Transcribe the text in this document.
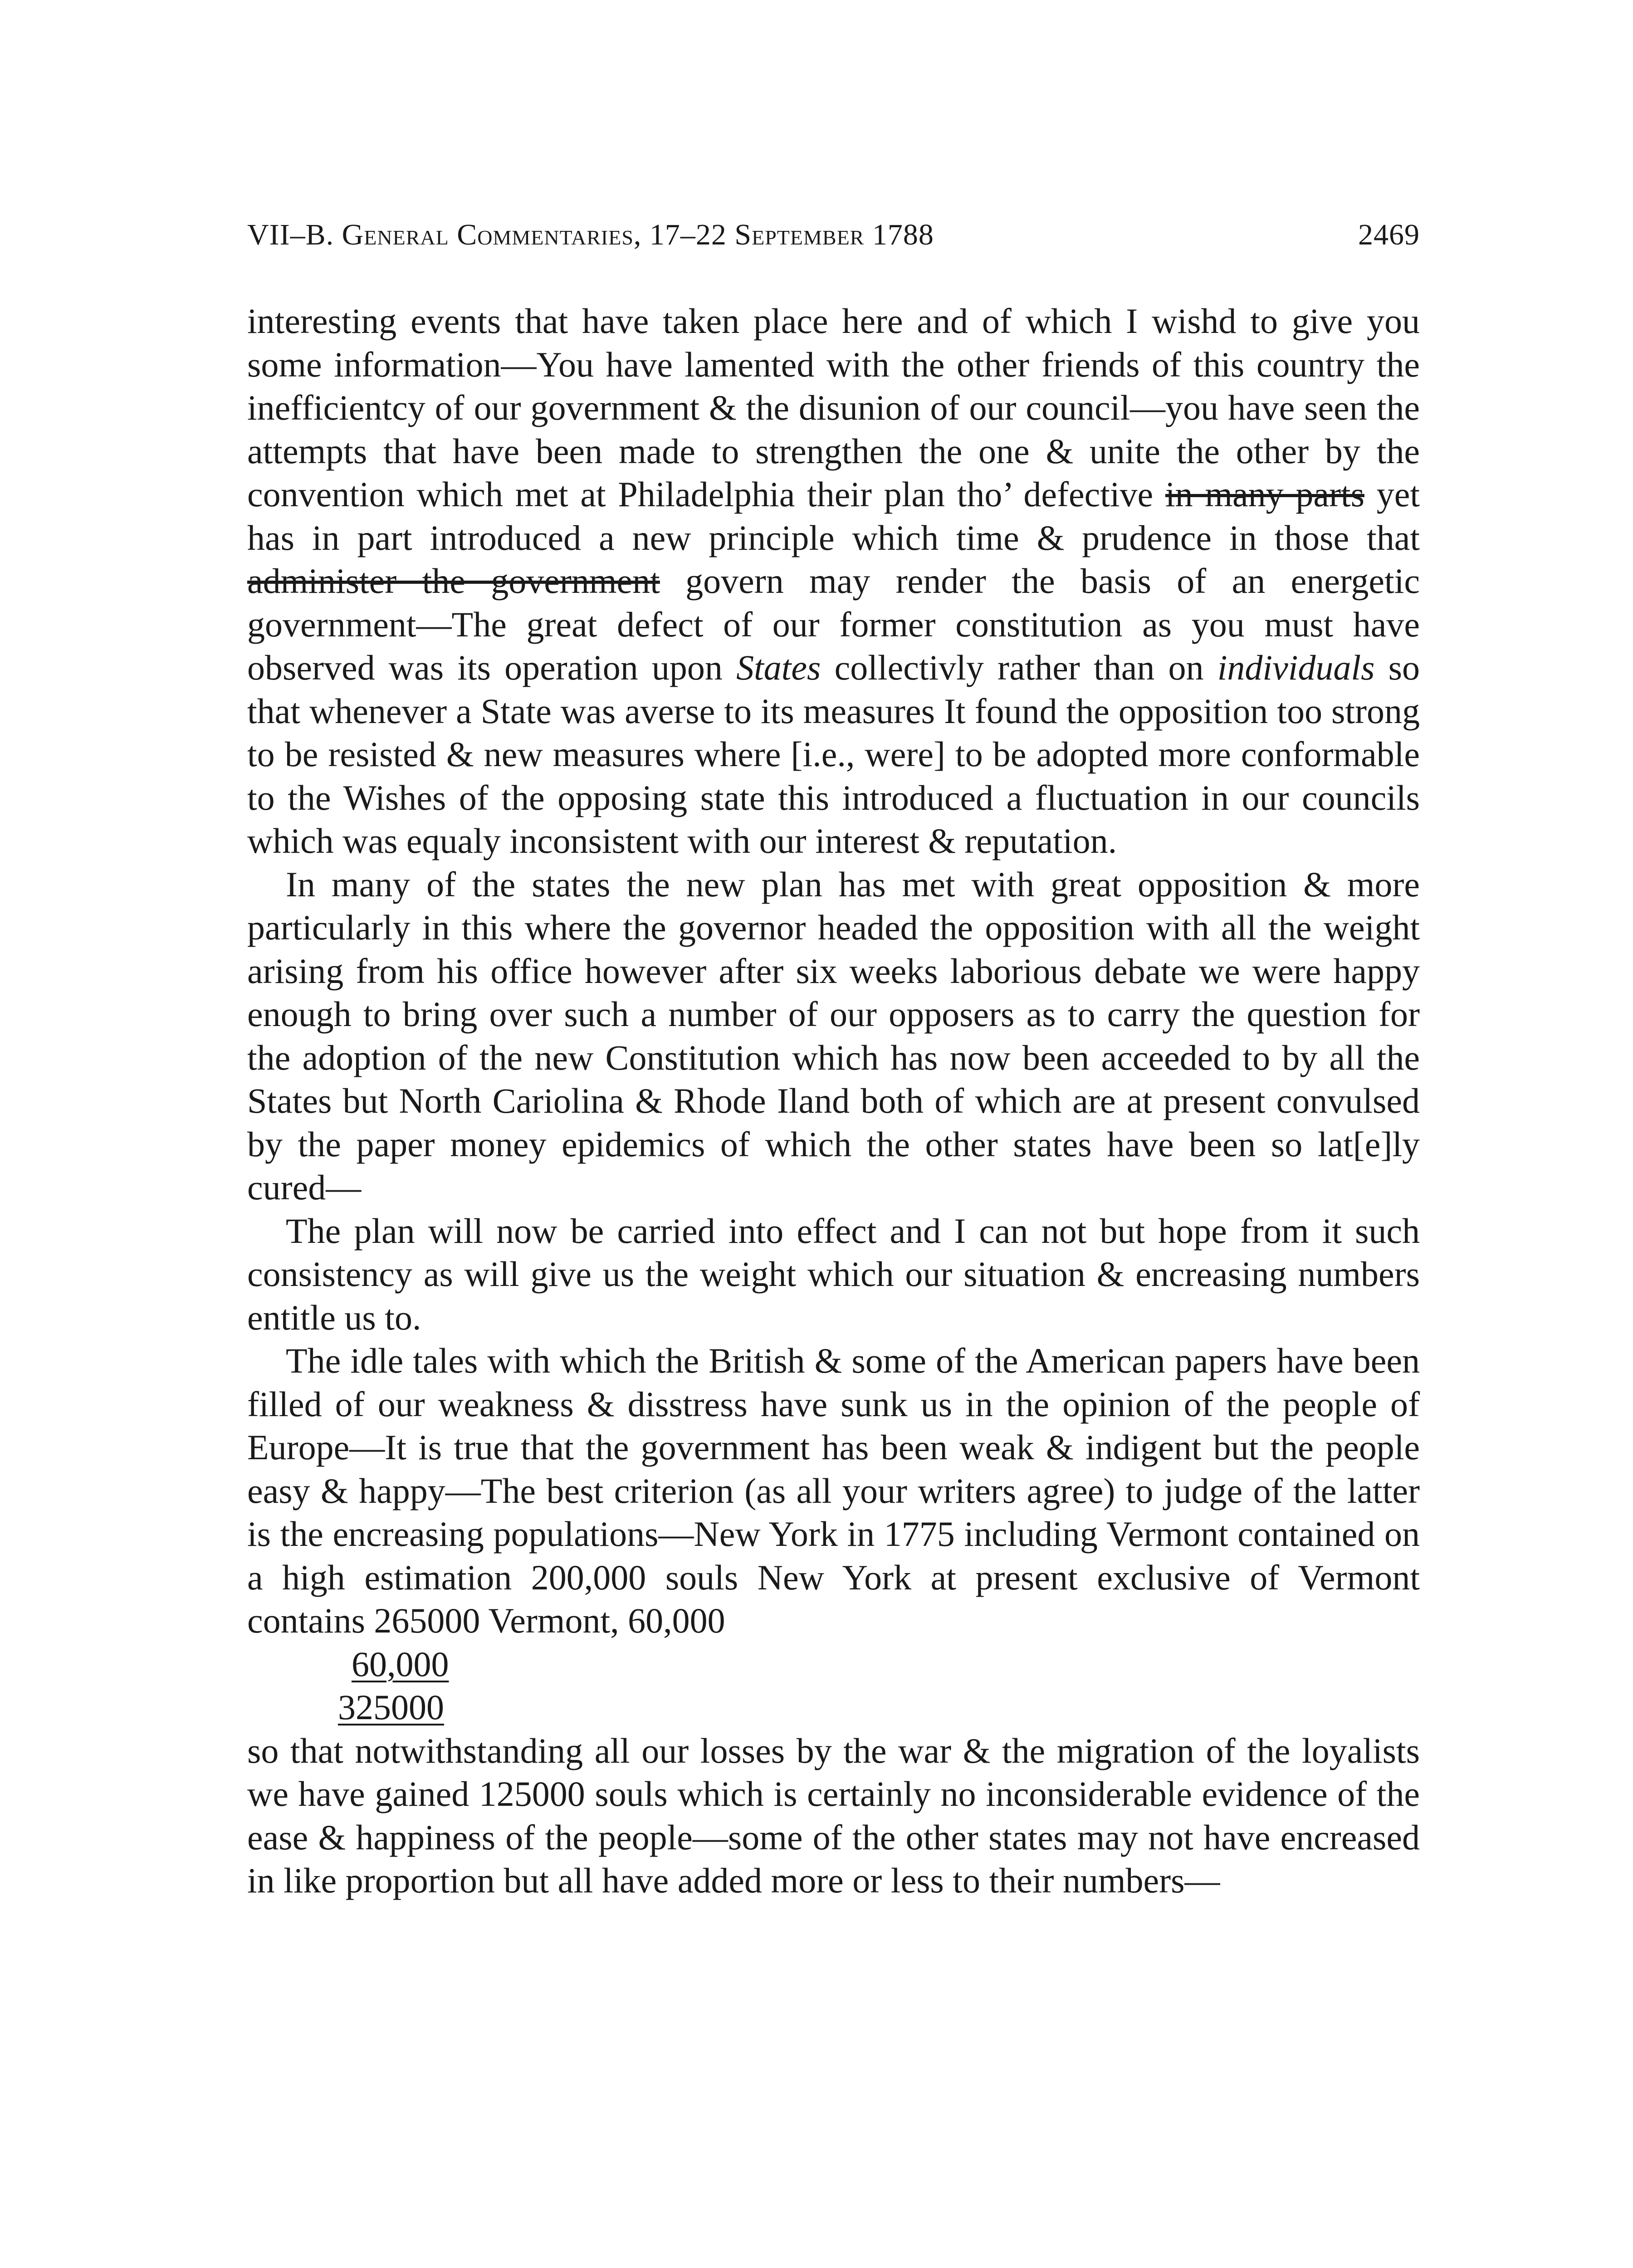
VII–B. General Commentaries, 17–22 September 1788	2469

interesting events that have taken place here and of which I wishd to give you some information—You have lamented with the other friends of this country the inefficientcy of our government & the disunion of our council—you have seen the attempts that have been made to strengthen the one & unite the other by the convention which met at Philadelphia their plan tho’ defective in many parts yet has in part introduced a new principle which time & prudence in those that administer the government govern may render the basis of an energetic government—The great defect of our former constitution as you must have observed was its operation upon States collectivly rather than on individuals so that whenever a State was averse to its measures It found the opposition too strong to be resisted & new measures where [i.e., were] to be adopted more conformable to the Wishes of the opposing state this introduced a fluctuation in our councils which was equaly inconsistent with our interest & reputation.

In many of the states the new plan has met with great opposition & more particularly in this where the governor headed the opposition with all the weight arising from his office however after six weeks laborious debate we were happy enough to bring over such a number of our opposers as to carry the question for the adoption of the new Constitution which has now been acceeded to by all the States but North Cariolina & Rhode Iland both of which are at present convulsed by the paper money epidemics of which the other states have been so lat[e]ly cured—

The plan will now be carried into effect and I can not but hope from it such consistency as will give us the weight which our situation & encreasing numbers entitle us to.

The idle tales with which the British & some of the American papers have been filled of our weakness & disstress have sunk us in the opinion of the people of Europe—It is true that the government has been weak & indigent but the people easy & happy—The best criterion (as all your writers agree) to judge of the latter is the encreasing populations—New York in 1775 including Vermont contained on a high estimation 200,000 souls New York at present exclusive of Vermont contains 265000 Vermont, 60,000

60,000
325000

so that notwithstanding all our losses by the war & the migration of the loyalists we have gained 125000 souls which is certainly no inconsiderable evidence of the ease & happiness of the people—some of the other states may not have encreased in like proportion but all have added more or less to their numbers—
